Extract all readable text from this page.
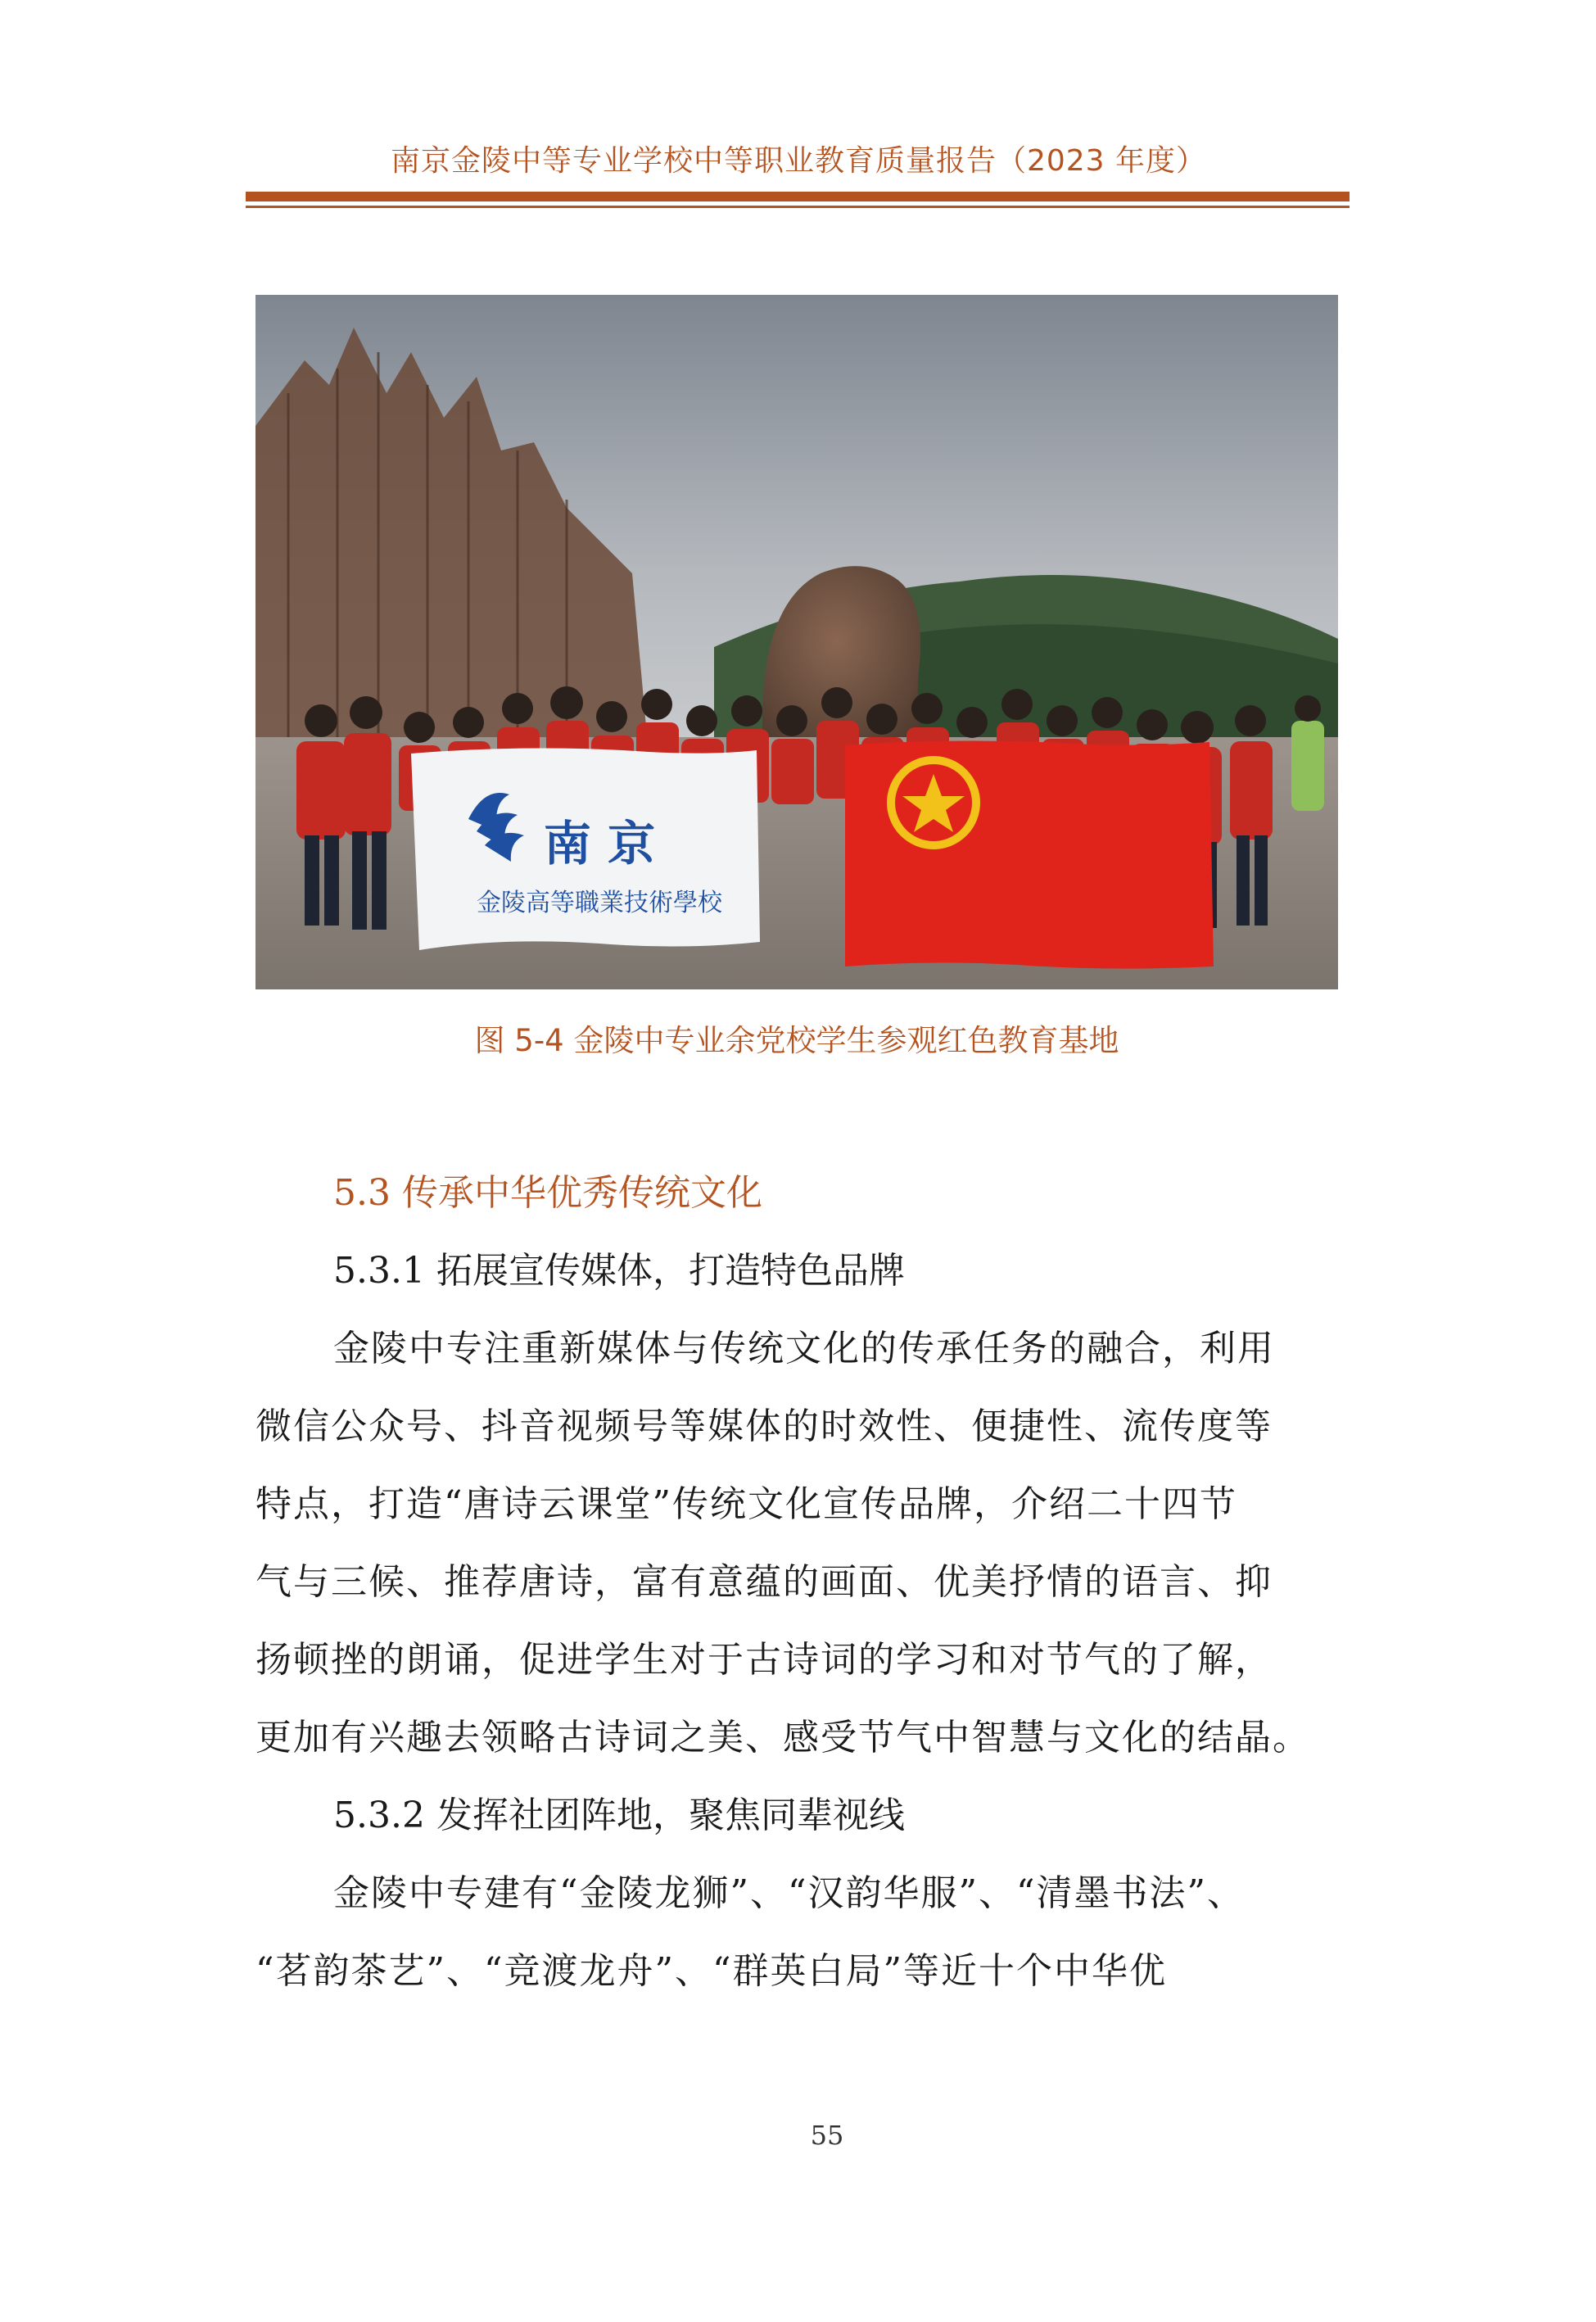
南京金陵中等专业学校中等职业教育质量报告（2023 年度）
南 京
金陵高等職業技術學校
图 5-4 金陵中专业余党校学生参观红色教育基地
5.3 传承中华优秀传统文化
5.3.1 拓展宣传媒体，打造特色品牌
金陵中专注重新媒体与传统文化的传承任务的融合，利用
微信公众号、抖音视频号等媒体的时效性、便捷性、流传度等
特点，打造“唐诗云课堂”传统文化宣传品牌，介绍二十四节
气与三候、推荐唐诗，富有意蕴的画面、优美抒情的语言、抑
扬顿挫的朗诵，促进学生对于古诗词的学习和对节气的了解，
更加有兴趣去领略古诗词之美、感受节气中智慧与文化的结晶。
5.3.2 发挥社团阵地，聚焦同辈视线
金陵中专建有“金陵龙狮”、“汉韵华服”、“清墨书法”、
“茗韵茶艺”、“竞渡龙舟”、“群英白局”等近十个中华优
55
